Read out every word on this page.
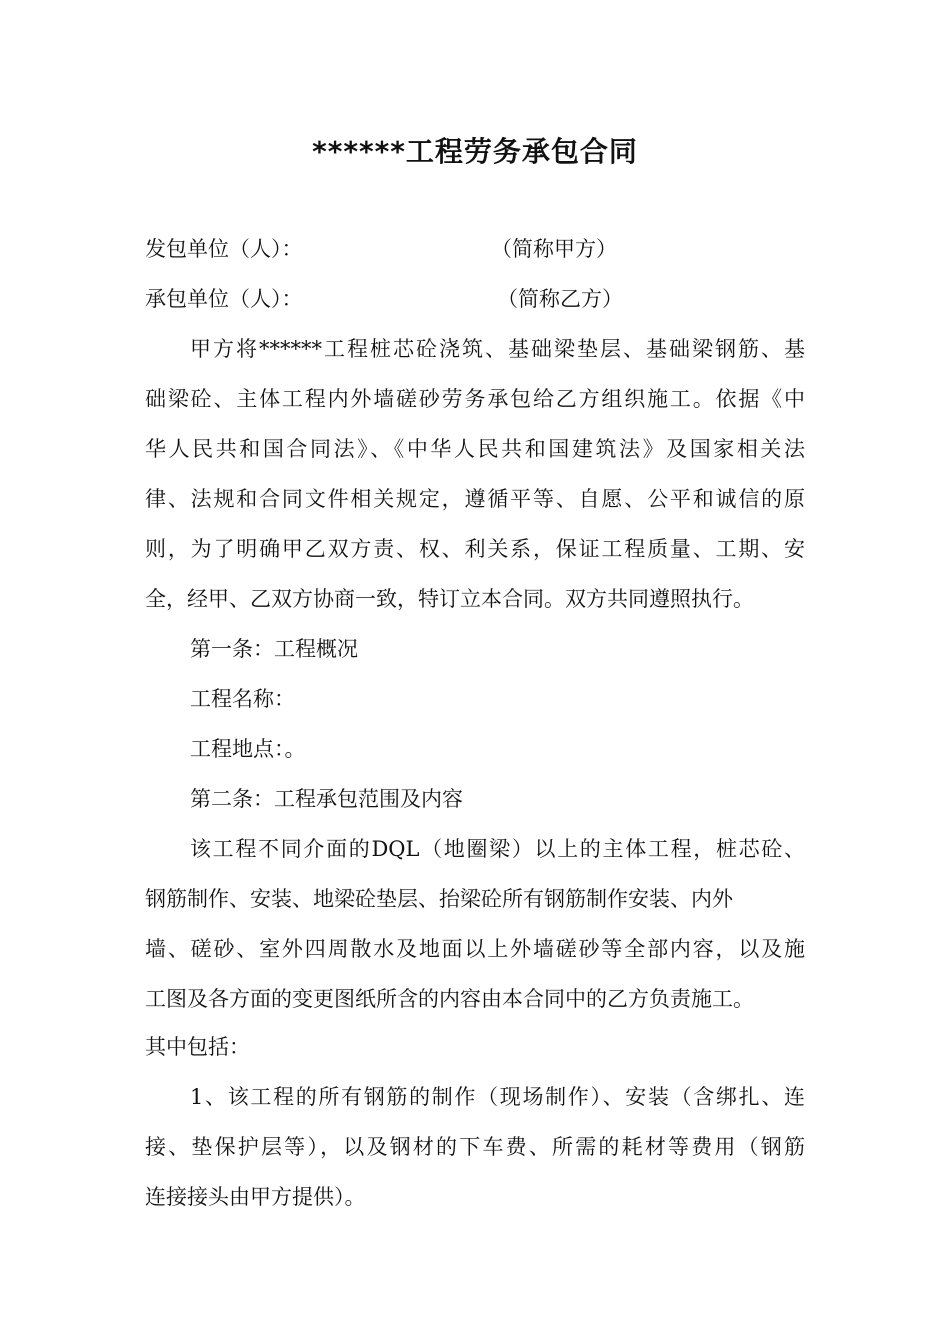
******工程劳务承包合同
发包单位（人）：	（简称甲方）
承包单位（人）：	（简称乙方）

甲方将******工程桩芯砼浇筑、基础梁垫层、基础梁钢筋、基

础梁砼、主体工程内外墙磋砂劳务承包给乙方组织施工。依据《中

华人民共和国合同法》、《中华人民共和国建筑法》及国家相关法

律、法规和合同文件相关规定，遵循平等、自愿、公平和诚信的原

则，为了明确甲乙双方责、权、利关系，保证工程质量、工期、安

全，经甲、乙双方协商一致，特订立本合同。双方共同遵照执行。

第一条：工程概况

工程名称：

工程地点：。

第二条：工程承包范围及内容

该工程不同介面的DQL（地圈梁）以上的主体工程，桩芯砼、

钢筋制作、安装、地梁砼垫层、抬梁砼所有钢筋制作安装、内外

墙、磋砂、室外四周散水及地面以上外墙磋砂等全部内容，以及施

工图及各方面的变更图纸所含的内容由本合同中的乙方负责施工。

其中包括：

1、该工程的所有钢筋的制作（现场制作）、安装（含绑扎、连

接、垫保护层等），以及钢材的下车费、所需的耗材等费用（钢筋

连接接头由甲方提供）。
